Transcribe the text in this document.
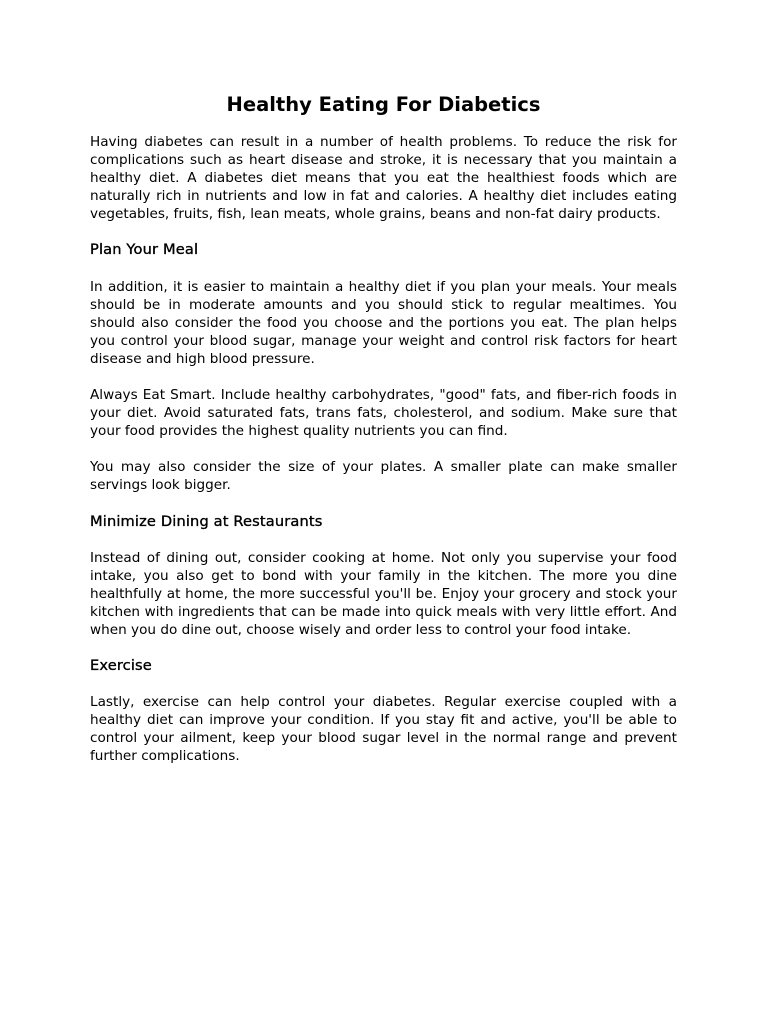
Healthy Eating For Diabetics

Having diabetes can result in a number of health problems. To reduce the risk for complications such as heart disease and stroke, it is necessary that you maintain a healthy diet. A diabetes diet means that you eat the healthiest foods which are naturally rich in nutrients and low in fat and calories. A healthy diet includes eating vegetables, fruits, fish, lean meats, whole grains, beans and non-fat dairy products.

Plan Your Meal

In addition, it is easier to maintain a healthy diet if you plan your meals. Your meals should be in moderate amounts and you should stick to regular mealtimes. You should also consider the food you choose and the portions you eat. The plan helps you control your blood sugar, manage your weight and control risk factors for heart disease and high blood pressure.

Always Eat Smart. Include healthy carbohydrates, "good" fats, and fiber-rich foods in your diet. Avoid saturated fats, trans fats, cholesterol, and sodium. Make sure that your food provides the highest quality nutrients you can find.

You may also consider the size of your plates. A smaller plate can make smaller servings look bigger.

Minimize Dining at Restaurants

Instead of dining out, consider cooking at home. Not only you supervise your food intake, you also get to bond with your family in the kitchen. The more you dine healthfully at home, the more successful you'll be. Enjoy your grocery and stock your kitchen with ingredients that can be made into quick meals with very little effort. And when you do dine out, choose wisely and order less to control your food intake.

Exercise

Lastly, exercise can help control your diabetes. Regular exercise coupled with a healthy diet can improve your condition. If you stay fit and active, you'll be able to control your ailment, keep your blood sugar level in the normal range and prevent further complications.
